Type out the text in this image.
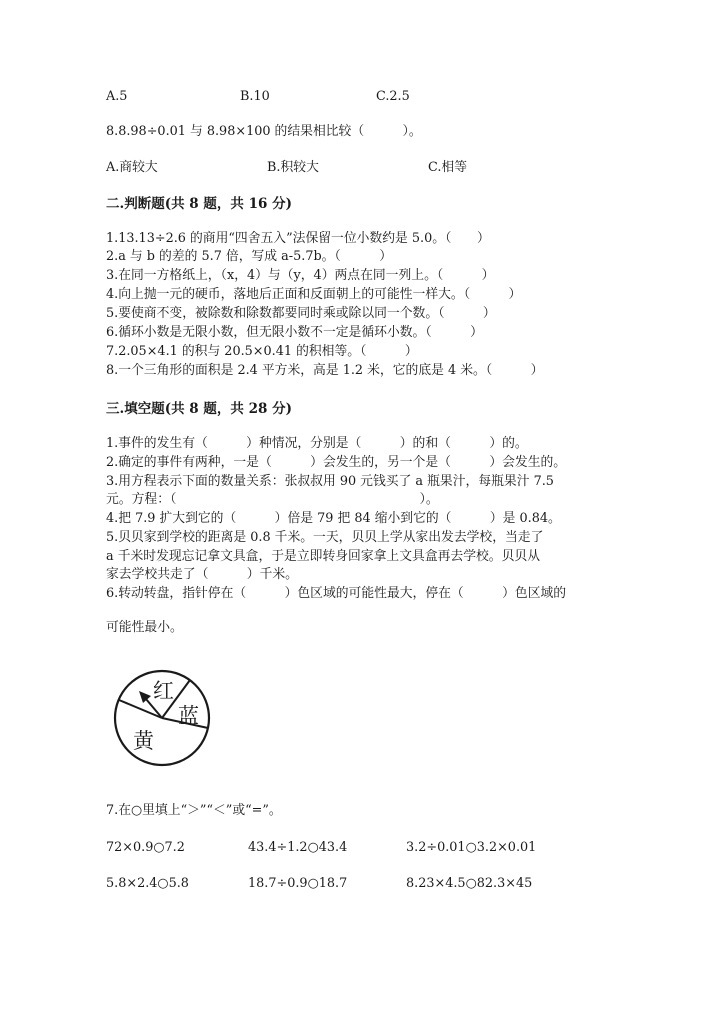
A.5	B.10	C.2.5
8.8.98÷0.01 与 8.98×100 的结果相比较（　　　）。
A.商较大	B.积较大	C.相等
二.判断题(共 8 题，共 16 分)
1.13.13÷2.6 的商用“四舍五入”法保留一位小数约是 5.0。（　　）
2.a 与 b 的差的 5.7 倍，写成 a-5.7b。（　　　）
3.在同一方格纸上，（x，4）与（y，4）两点在同一列上。（　　　）
4.向上抛一元的硬币，落地后正面和反面朝上的可能性一样大。（　　　）
5.要使商不变，被除数和除数都要同时乘或除以同一个数。（　　　）
6.循环小数是无限小数，但无限小数不一定是循环小数。（　　　）
7.2.05×4.1 的积与 20.5×0.41 的积相等。（　　　）
8.一个三角形的面积是 2.4 平方米，高是 1.2 米，它的底是 4 米。（　　　）
三.填空题(共 8 题，共 28 分)
1.事件的发生有（　　　）种情况，分别是（　　　）的和（　　　）的。
2.确定的事件有两种，一是（　　　）会发生的，另一个是（　　　）会发生的。
3.用方程表示下面的数量关系：张叔叔用 90 元钱买了 a 瓶果汁，每瓶果汁 7.5
元。方程：（　　　　　　　　　　　　　　　　　　　）。
4.把 7.9 扩大到它的（　　　）倍是 79 把 84 缩小到它的（　　　）是 0.84。
5.贝贝家到学校的距离是 0.8 千米。一天，贝贝上学从家出发去学校，当走了
a 千米时发现忘记拿文具盒，于是立即转身回家拿上文具盒再去学校。贝贝从
家去学校共走了（　　　）千米。
6.转动转盘，指针停在（　　　）色区域的可能性最大，停在（　　　）色区域的
可能性最小。
红
蓝
黄
7.在○里填上“＞”“＜”或“=”。
72×0.9○7.2	43.4÷1.2○43.4	3.2÷0.01○3.2×0.01
5.8×2.4○5.8	18.7÷0.9○18.7	8.23×4.5○82.3×45
